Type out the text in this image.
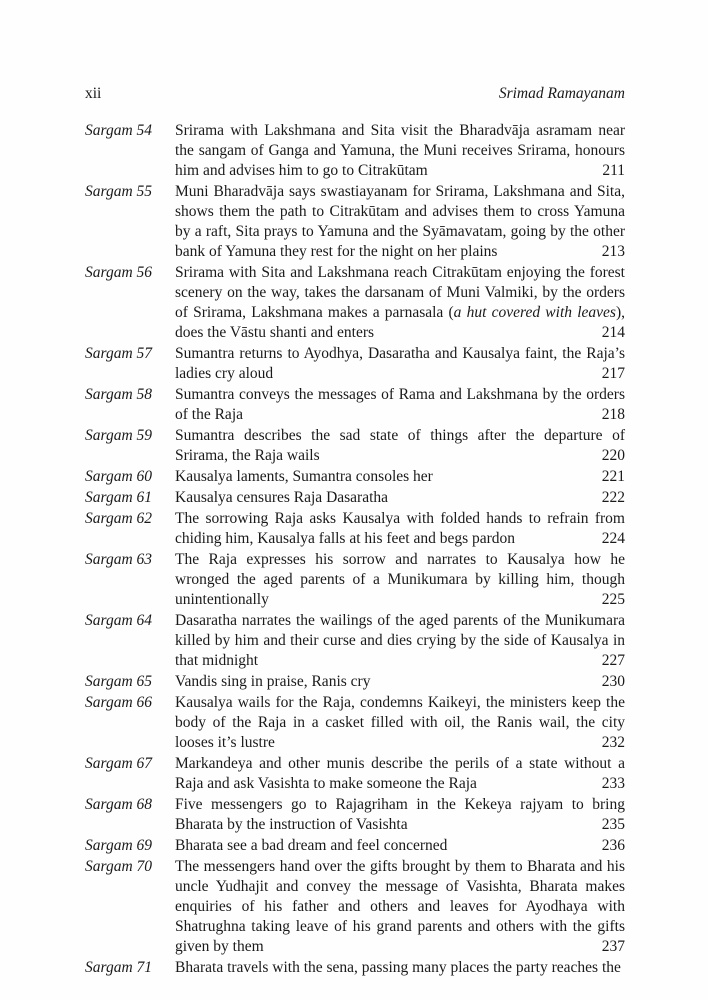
xii	Srimad Ramayanam
Sargam 54	Srirama with Lakshmana and Sita visit the Bharadvāja asramam near the sangam of Ganga and Yamuna, the Muni receives Srirama, honours him and advises him to go to Citrakūtam	211
Sargam 55	Muni Bharadvāja says swastiayanam for Srirama, Lakshmana and Sita, shows them the path to Citrakūtam and advises them to cross Yamuna by a raft, Sita prays to Yamuna and the Syāmavatam, going by the other bank of Yamuna they rest for the night on her plains	213
Sargam 56	Srirama with Sita and Lakshmana reach Citrakūtam enjoying the forest scenery on the way, takes the darsanam of Muni Valmiki, by the orders of Srirama, Lakshmana makes a parnasala (a hut covered with leaves), does the Vāstu shanti and enters	214
Sargam 57	Sumantra returns to Ayodhya, Dasaratha and Kausalya faint, the Raja’s ladies cry aloud	217
Sargam 58	Sumantra conveys the messages of Rama and Lakshmana by the orders of the Raja	218
Sargam 59	Sumantra describes the sad state of things after the departure of Srirama, the Raja wails	220
Sargam 60	Kausalya laments, Sumantra consoles her	221
Sargam 61	Kausalya censures Raja Dasaratha	222
Sargam 62	The sorrowing Raja asks Kausalya with folded hands to refrain from chiding him, Kausalya falls at his feet and begs pardon	224
Sargam 63	The Raja expresses his sorrow and narrates to Kausalya how he wronged the aged parents of a Munikumara by killing him, though unintentionally	225
Sargam 64	Dasaratha narrates the wailings of the aged parents of the Munikumara killed by him and their curse and dies crying by the side of Kausalya in that midnight	227
Sargam 65	Vandis sing in praise, Ranis cry	230
Sargam 66	Kausalya wails for the Raja, condemns Kaikeyi, the ministers keep the body of the Raja in a casket filled with oil, the Ranis wail, the city looses it’s lustre	232
Sargam 67	Markandeya and other munis describe the perils of a state without a Raja and ask Vasishta to make someone the Raja	233
Sargam 68	Five messengers go to Rajagriham in the Kekeya rajyam to bring Bharata by the instruction of Vasishta	235
Sargam 69	Bharata see a bad dream and feel concerned	236
Sargam 70	The messengers hand over the gifts brought by them to Bharata and his uncle Yudhajit and convey the message of Vasishta, Bharata makes enquiries of his father and others and leaves for Ayodhaya with Shatrughna taking leave of his grand parents and others with the gifts given by them	237
Sargam 71	Bharata travels with the sena, passing many places the party reaches the
